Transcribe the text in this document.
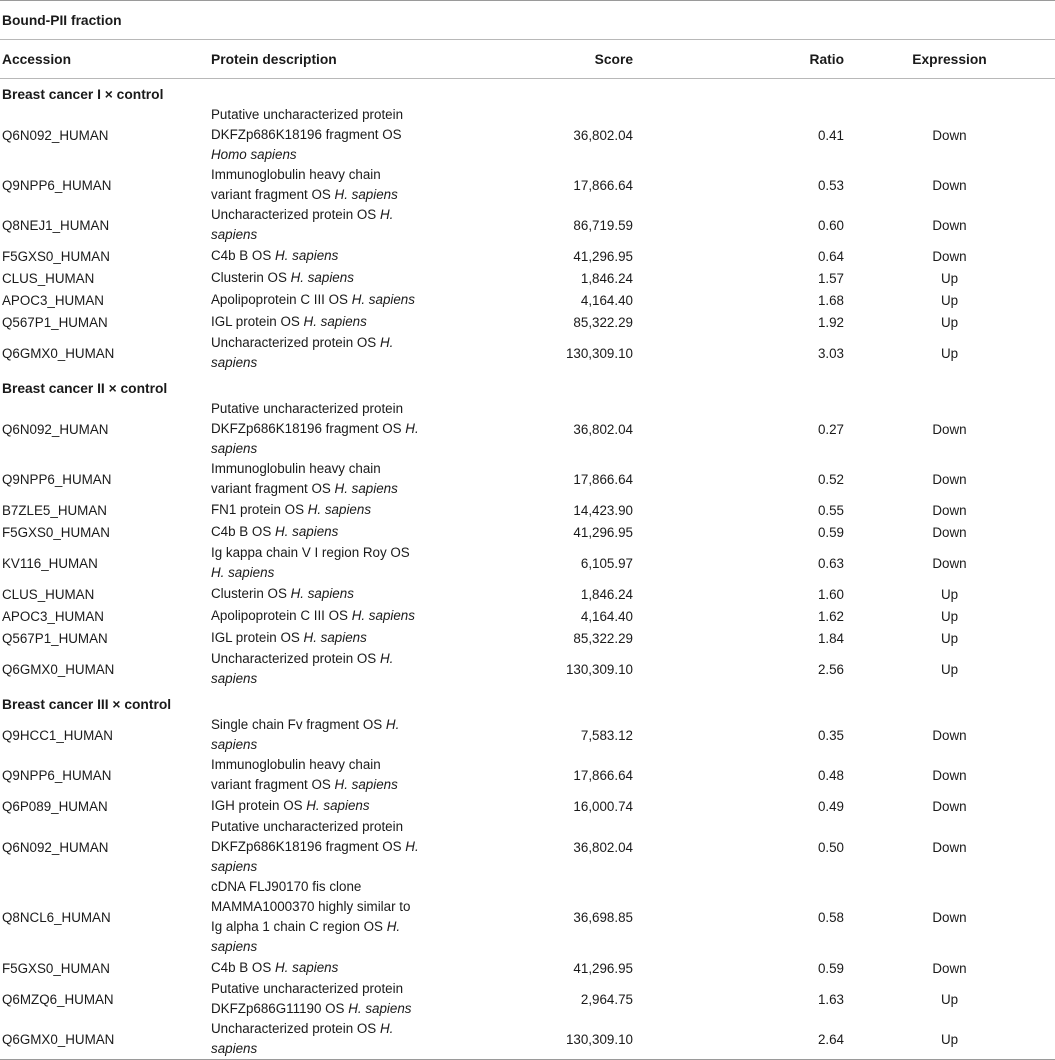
Bound-PII fraction				
Accession	Protein description	Score	Ratio	Expression
Breast cancer I × control				
Q6N092_HUMAN	Putative uncharacterized protein DKFZp686K18196 fragment OS Homo sapiens	36,802.04	0.41	Down
Q9NPP6_HUMAN	Immunoglobulin heavy chain variant fragment OS H. sapiens	17,866.64	0.53	Down
Q8NEJ1_HUMAN	Uncharacterized protein OS H. sapiens	86,719.59	0.60	Down
F5GXS0_HUMAN	C4b B OS H. sapiens	41,296.95	0.64	Down
CLUS_HUMAN	Clusterin OS H. sapiens	1,846.24	1.57	Up
APOC3_HUMAN	Apolipoprotein C III OS H. sapiens	4,164.40	1.68	Up
Q567P1_HUMAN	IGL protein OS H. sapiens	85,322.29	1.92	Up
Q6GMX0_HUMAN	Uncharacterized protein OS H. sapiens	130,309.10	3.03	Up
Breast cancer II × control				
Q6N092_HUMAN	Putative uncharacterized protein DKFZp686K18196 fragment OS H. sapiens	36,802.04	0.27	Down
Q9NPP6_HUMAN	Immunoglobulin heavy chain variant fragment OS H. sapiens	17,866.64	0.52	Down
B7ZLE5_HUMAN	FN1 protein OS H. sapiens	14,423.90	0.55	Down
F5GXS0_HUMAN	C4b B OS H. sapiens	41,296.95	0.59	Down
KV116_HUMAN	Ig kappa chain V I region Roy OS H. sapiens	6,105.97	0.63	Down
CLUS_HUMAN	Clusterin OS H. sapiens	1,846.24	1.60	Up
APOC3_HUMAN	Apolipoprotein C III OS H. sapiens	4,164.40	1.62	Up
Q567P1_HUMAN	IGL protein OS H. sapiens	85,322.29	1.84	Up
Q6GMX0_HUMAN	Uncharacterized protein OS H. sapiens	130,309.10	2.56	Up
Breast cancer III × control				
Q9HCC1_HUMAN	Single chain Fv fragment OS H. sapiens	7,583.12	0.35	Down
Q9NPP6_HUMAN	Immunoglobulin heavy chain variant fragment OS H. sapiens	17,866.64	0.48	Down
Q6P089_HUMAN	IGH protein OS H. sapiens	16,000.74	0.49	Down
Q6N092_HUMAN	Putative uncharacterized protein DKFZp686K18196 fragment OS H. sapiens	36,802.04	0.50	Down
Q8NCL6_HUMAN	cDNA FLJ90170 fis clone MAMMA1000370 highly similar to Ig alpha 1 chain C region OS H. sapiens	36,698.85	0.58	Down
F5GXS0_HUMAN	C4b B OS H. sapiens	41,296.95	0.59	Down
Q6MZQ6_HUMAN	Putative uncharacterized protein DKFZp686G11190 OS H. sapiens	2,964.75	1.63	Up
Q6GMX0_HUMAN	Uncharacterized protein OS H. sapiens	130,309.10	2.64	Up
